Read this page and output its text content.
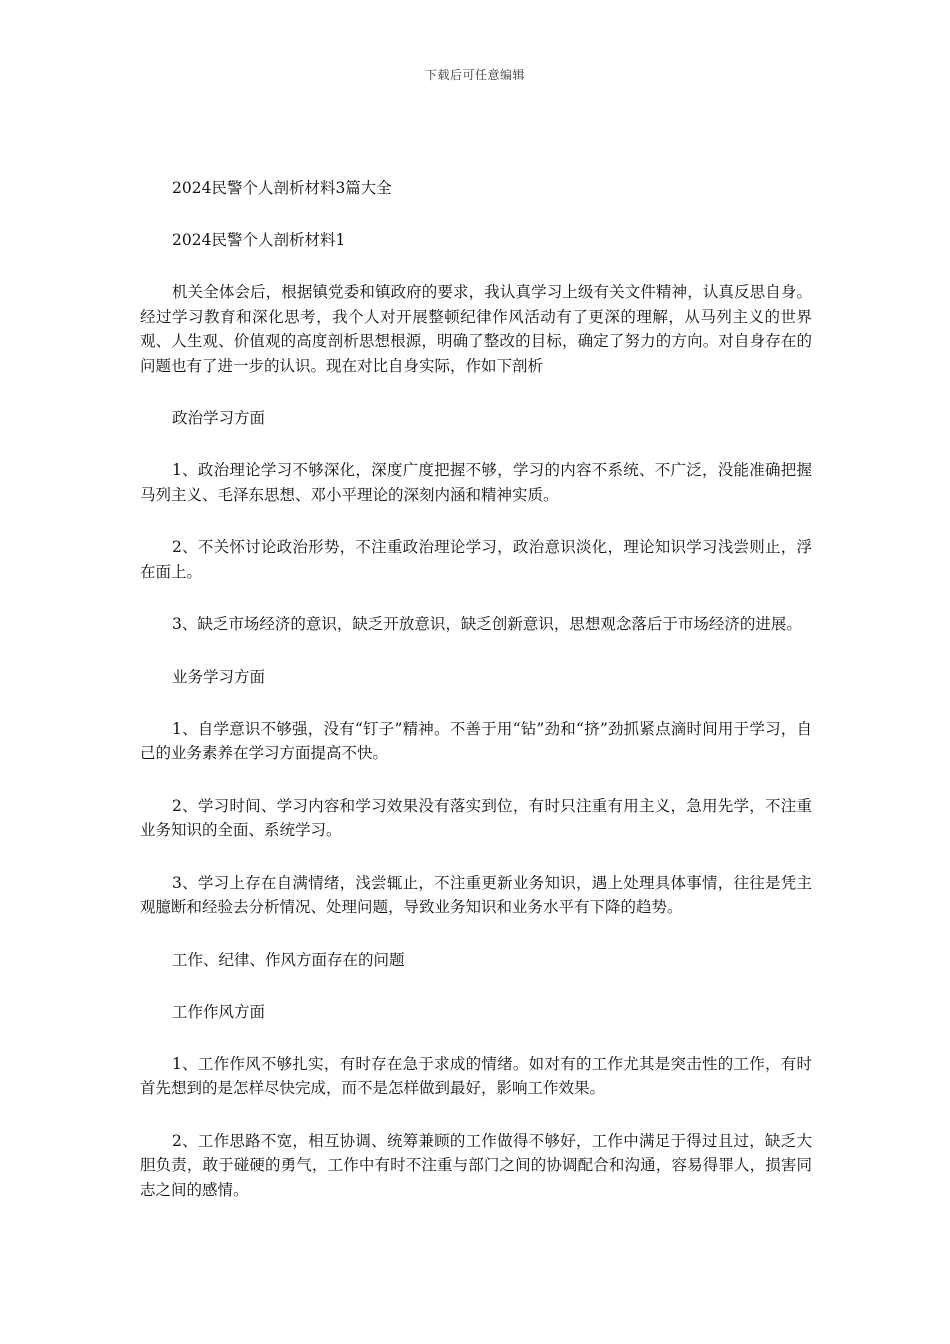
下载后可任意编辑
2024民警个人剖析材料3篇大全
2024民警个人剖析材料1

机关全体会后，根据镇党委和镇政府的要求，我认真学习上级有关文件精神，认真反思自身。经过学习教育和深化思考，我个人对开展整顿纪律作风活动有了更深的理解，从马列主义的世界观、人生观、价值观的高度剖析思想根源，明确了整改的目标，确定了努力的方向。对自身存在的问题也有了进一步的认识。现在对比自身实际，作如下剖析

政治学习方面

1、政治理论学习不够深化，深度广度把握不够，学习的内容不系统、不广泛，没能准确把握马列主义、毛泽东思想、邓小平理论的深刻内涵和精神实质。

2、不关怀讨论政治形势，不注重政治理论学习，政治意识淡化，理论知识学习浅尝则止，浮在面上。

3、缺乏市场经济的意识，缺乏开放意识，缺乏创新意识，思想观念落后于市场经济的进展。

业务学习方面

1、自学意识不够强，没有“钉子”精神。不善于用“钻”劲和“挤”劲抓紧点滴时间用于学习，自己的业务素养在学习方面提高不快。

2、学习时间、学习内容和学习效果没有落实到位，有时只注重有用主义，急用先学，不注重业务知识的全面、系统学习。

3、学习上存在自满情绪，浅尝辄止，不注重更新业务知识，遇上处理具体事情，往往是凭主观臆断和经验去分析情况、处理问题，导致业务知识和业务水平有下降的趋势。

工作、纪律、作风方面存在的问题
工作作风方面

1、工作作风不够扎实，有时存在急于求成的情绪。如对有的工作尤其是突击性的工作，有时首先想到的是怎样尽快完成，而不是怎样做到最好，影响工作效果。

2、工作思路不宽，相互协调、统筹兼顾的工作做得不够好，工作中满足于得过且过，缺乏大胆负责，敢于碰硬的勇气，工作中有时不注重与部门之间的协调配合和沟通，容易得罪人，损害同志之间的感情。
